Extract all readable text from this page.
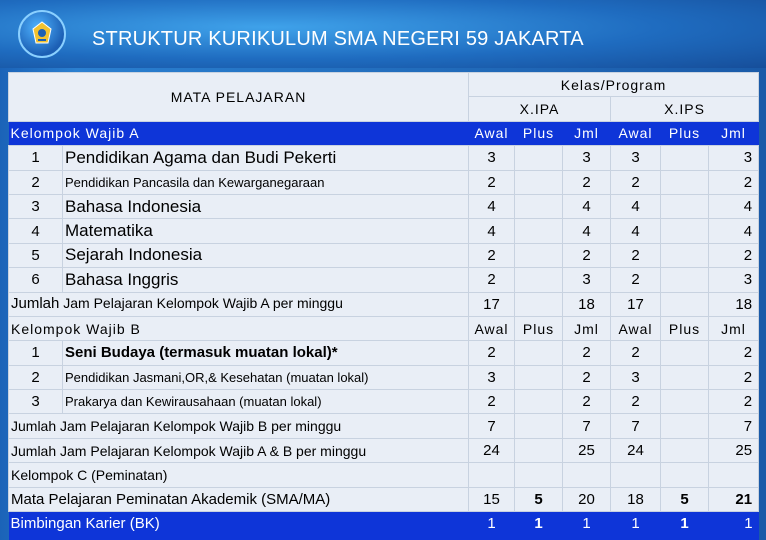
STRUKTUR KURIKULUM SMA NEGERI 59 JAKARTA
MATA PELAJARAN		Kelas/Program					
		X.IPA			X.IPS		
Kelompok Wajib A		Awal	Plus	Jml	Awal	Plus	Jml
1	Pendidikan Agama dan Budi Pekerti	3		3	3		3
2	Pendidikan Pancasila dan Kewarganegaraan	2		2	2		2
3	Bahasa Indonesia	4		4	4		4
4	Matematika	4		4	4		4
5	Sejarah Indonesia	2		2	2		2
6	Bahasa Inggris	2		3	2		3
Jumlah Jam Pelajaran Kelompok Wajib A per minggu		17		18	17		18
Kelompok Wajib B		Awal	Plus	Jml	Awal	Plus	Jml
1	Seni Budaya (termasuk muatan lokal)*	2		2	2		2
2	Pendidikan Jasmani,OR,& Kesehatan (muatan lokal)	3		2	3		2
3	Prakarya dan Kewirausahaan (muatan lokal)	2		2	2		2
Jumlah Jam Pelajaran Kelompok Wajib B per minggu		7		7	7		7
Jumlah Jam Pelajaran Kelompok Wajib A & B per minggu		24		25	24		25
Kelompok C (Peminatan)							
Mata Pelajaran Peminatan Akademik (SMA/MA)		15	5	20	18	5	21
Bimbingan Karier (BK)		1	1	1	1	1	1
